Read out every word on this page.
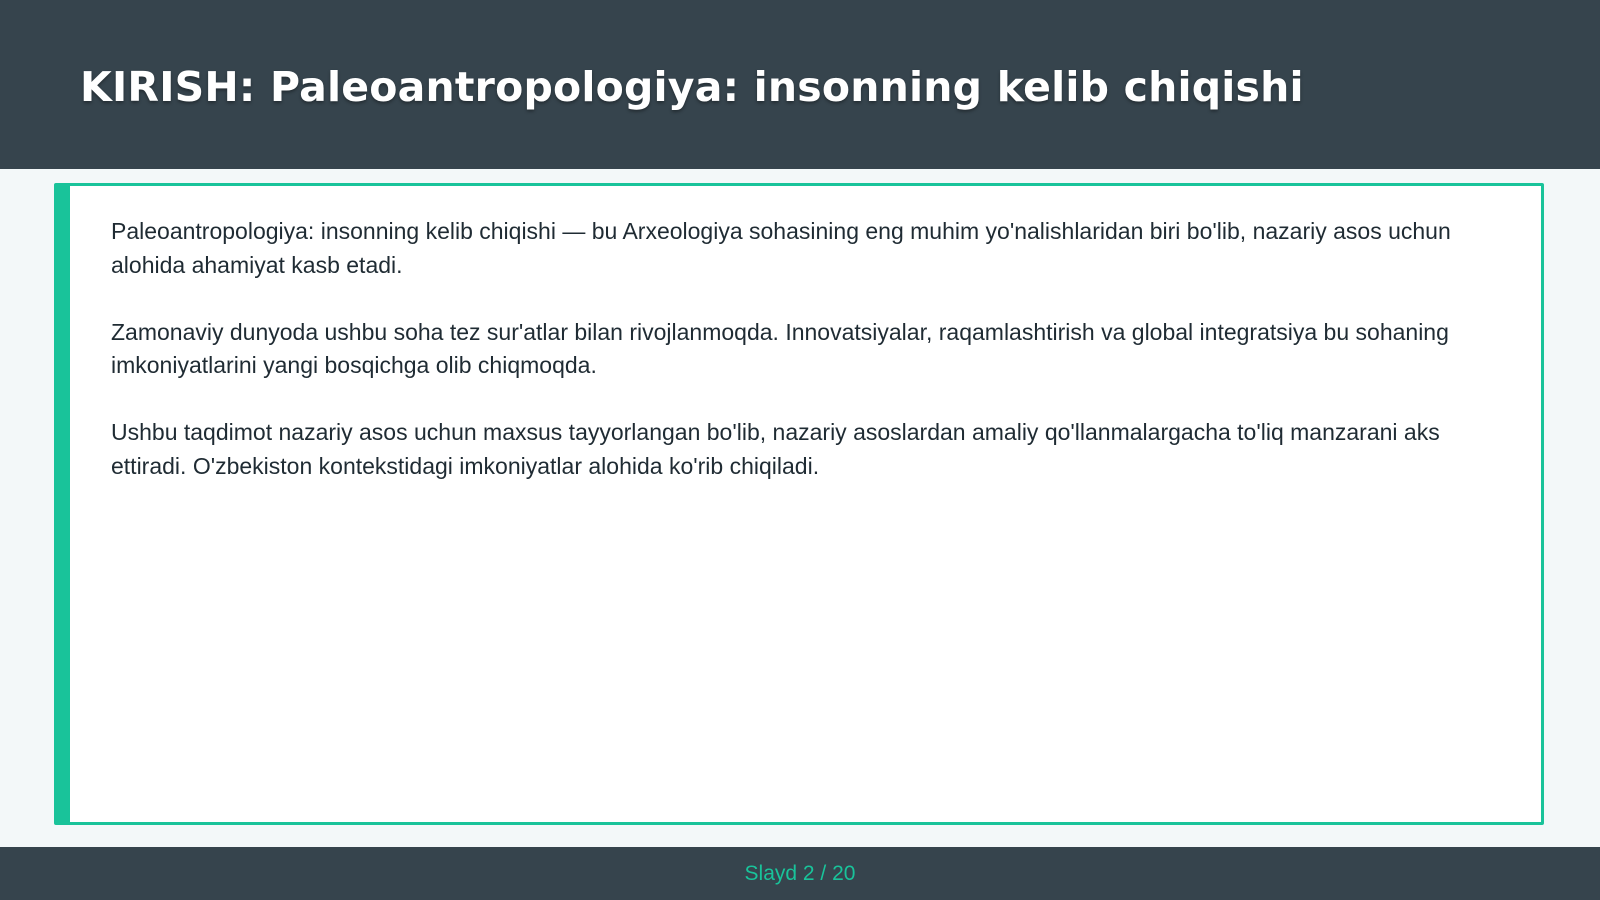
KIRISH: Paleoantropologiya: insonning kelib chiqishi

Paleoantropologiya: insonning kelib chiqishi — bu Arxeologiya sohasining eng muhim yo'nalishlaridan biri bo'lib, nazariy asos uchun alohida ahamiyat kasb etadi.

Zamonaviy dunyoda ushbu soha tez sur'atlar bilan rivojlanmoqda. Innovatsiyalar, raqamlashtirish va global integratsiya bu sohaning imkoniyatlarini yangi bosqichga olib chiqmoqda.

Ushbu taqdimot nazariy asos uchun maxsus tayyorlangan bo'lib, nazariy asoslardan amaliy qo'llanmalargacha to'liq manzarani aks ettiradi. O'zbekiston kontekstidagi imkoniyatlar alohida ko'rib chiqiladi.

Slayd 2 / 20
